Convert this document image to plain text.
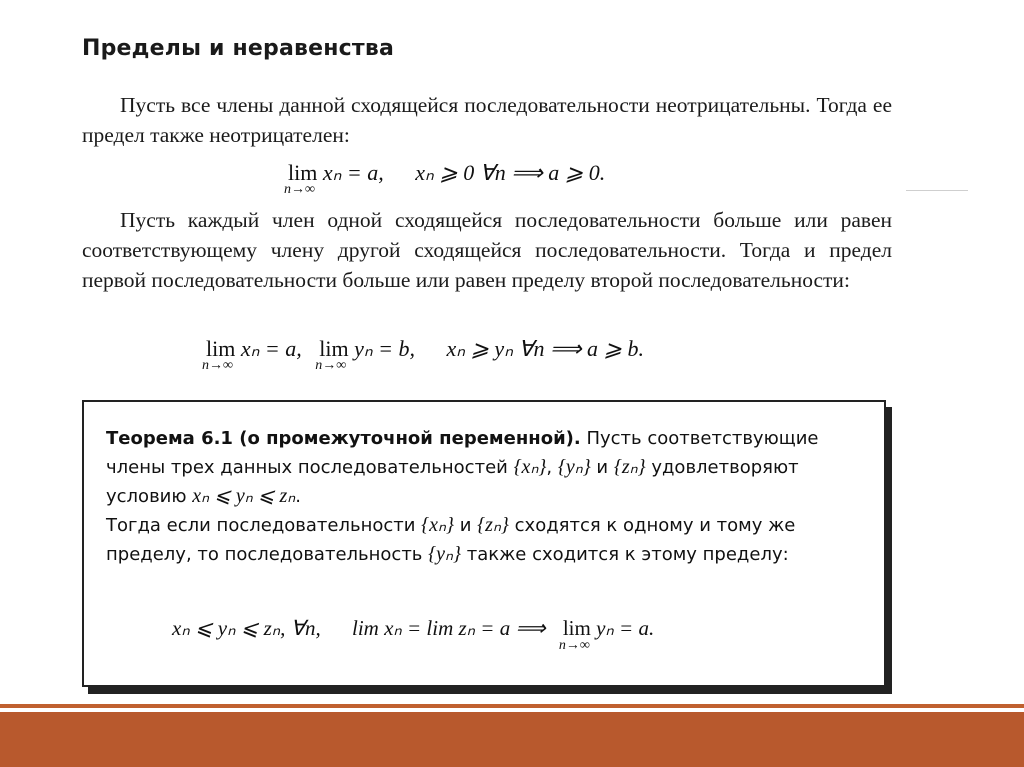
Пределы и неравенства
Пусть все члены данной сходящейся последовательности неотрицательны. Тогда ее предел также неотрицателен:
lim
n→∞
xₙ = a, xₙ ⩾ 0 ∀n ⟹ a ⩾ 0.
Пусть каждый член одной сходящейся последовательности больше или равен соответствующему члену другой сходящейся последовательности. Тогда и предел первой последовательности больше или равен пределу второй последовательности:
lim
n→∞
xₙ = a, lim
n→∞
yₙ = b, xₙ ⩾ yₙ ∀n ⟹ a ⩾ b.
Теорема 6.1 (о промежуточной переменной). Пусть соответствующие члены трех данных последовательностей {xₙ}, {yₙ} и {zₙ} удовлетворяют условию xₙ ⩽ yₙ ⩽ zₙ.
Тогда если последовательности {xₙ} и {zₙ} сходятся к одному и тому же пределу, то последовательность {yₙ} также сходится к этому пределу:
xₙ ⩽ yₙ ⩽ zₙ, ∀n, lim xₙ = lim zₙ = a ⟹ lim
n→∞
yₙ = a.
